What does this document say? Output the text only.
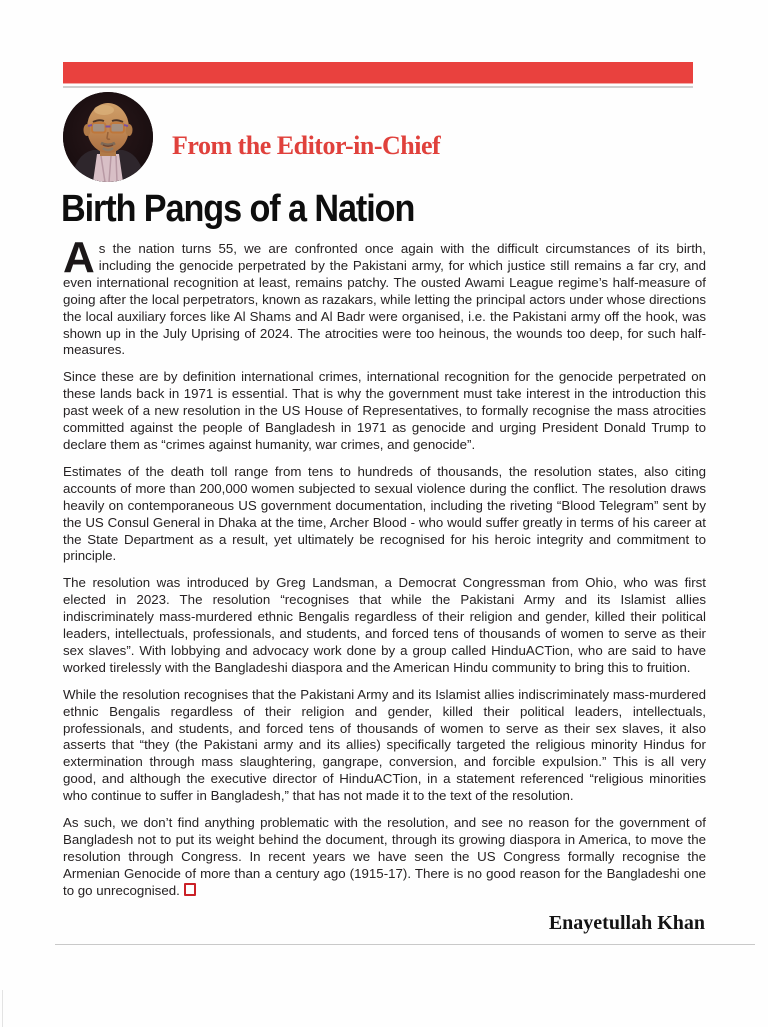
From the Editor-in-Chief
Birth Pangs of a Nation

As the nation turns 55, we are confronted once again with the difficult circumstances of its birth, including the genocide perpetrated by the Pakistani army, for which justice still remains a far cry, and even international recognition at least, remains patchy. The ousted Awami League regime’s half-measure of going after the local perpetrators, known as razakars, while letting the principal actors under whose directions the local auxiliary forces like Al Shams and Al Badr were organised, i.e. the Pakistani army off the hook, was shown up in the July Uprising of 2024. The atrocities were too heinous, the wounds too deep, for such half-measures.

Since these are by definition international crimes, international recognition for the genocide perpetrated on these lands back in 1971 is essential. That is why the government must take interest in the introduction this past week of a new resolution in the US House of Representatives, to formally recognise the mass atrocities committed against the people of Bangladesh in 1971 as genocide and urging President Donald Trump to declare them as “crimes against humanity, war crimes, and genocide”.

Estimates of the death toll range from tens to hundreds of thousands, the resolution states, also citing accounts of more than 200,000 women subjected to sexual violence during the conflict. The resolution draws heavily on contemporaneous US government documentation, including the riveting “Blood Telegram” sent by the US Consul General in Dhaka at the time, Archer Blood - who would suffer greatly in terms of his career at the State Department as a result, yet ultimately be recognised for his heroic integrity and commitment to principle.

The resolution was introduced by Greg Landsman, a Democrat Congressman from Ohio, who was first elected in 2023. The resolution “recognises that while the Pakistani Army and its Islamist allies indiscriminately mass-murdered ethnic Bengalis regardless of their religion and gender, killed their political leaders, intellectuals, professionals, and students, and forced tens of thousands of women to serve as their sex slaves”. With lobbying and advocacy work done by a group called HinduACTion, who are said to have worked tirelessly with the Bangladeshi diaspora and the American Hindu community to bring this to fruition.

While the resolution recognises that the Pakistani Army and its Islamist allies indiscriminately mass-murdered ethnic Bengalis regardless of their religion and gender, killed their political leaders, intellectuals, professionals, and students, and forced tens of thousands of women to serve as their sex slaves, it also asserts that “they (the Pakistani army and its allies) specifically targeted the religious minority Hindus for extermination through mass slaughtering, gangrape, conversion, and forcible expulsion.” This is all very good, and although the executive director of HinduACTion, in a statement referenced “religious minorities who continue to suffer in Bangladesh,” that has not made it to the text of the resolution.

As such, we don’t find anything problematic with the resolution, and see no reason for the government of Bangladesh not to put its weight behind the document, through its growing diaspora in America, to move the resolution through Congress. In recent years we have seen the US Congress formally recognise the Armenian Genocide of more than a century ago (1915-17). There is no good reason for the Bangladeshi one to go unrecognised.

Enayetullah Khan
